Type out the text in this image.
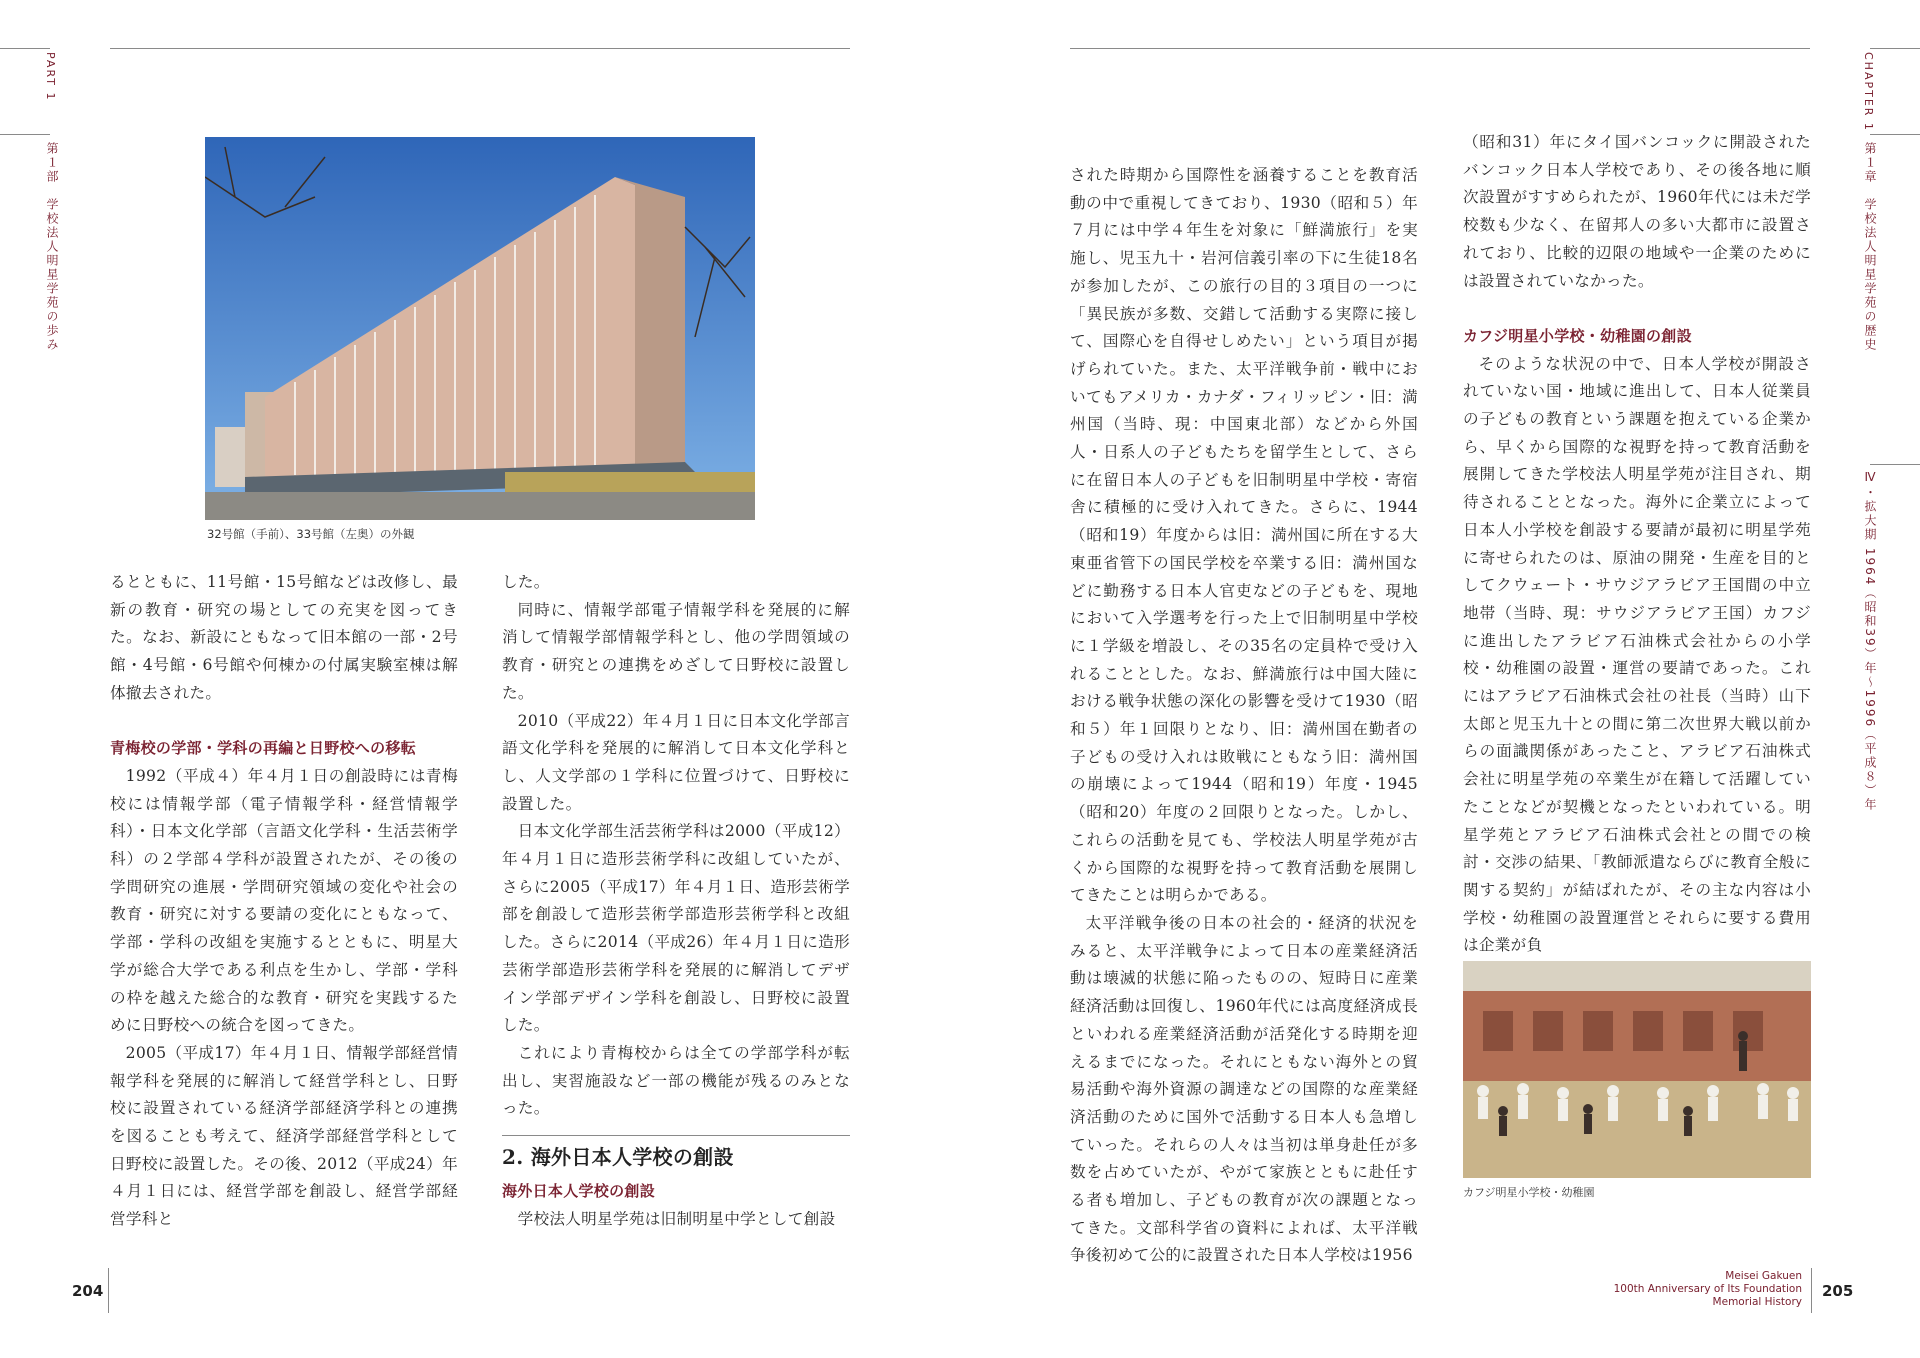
PART 1
第１部　学校法人明星学苑の歩み
32号館（手前）、33号館（左奥）の外観

るとともに、11号館・15号館などは改修し、最新の教育・研究の場としての充実を図ってきた。なお、新設にともなって旧本館の一部・2号館・4号館・6号館や何棟かの付属実験室棟は解体撤去された。

青梅校の学部・学科の再編と日野校への移転

1992（平成４）年４月１日の創設時には青梅校には情報学部（電子情報学科・経営情報学科）・日本文化学部（言語文化学科・生活芸術学科）の２学部４学科が設置されたが、その後の学問研究の進展・学問研究領域の変化や社会の教育・研究に対する要請の変化にともなって、学部・学科の改組を実施するとともに、明星大学が総合大学である利点を生かし、学部・学科の枠を越えた総合的な教育・研究を実践するために日野校への統合を図ってきた。

2005（平成17）年４月１日、情報学部経営情報学科を発展的に解消して経営学科とし、日野校に設置されている経済学部経済学科との連携を図ることも考えて、経済学部経営学科として日野校に設置した。その後、2012（平成24）年４月１日には、経営学部を創設し、経営学部経営学科と

した。

同時に、情報学部電子情報学科を発展的に解消して情報学部情報学科とし、他の学問領域の教育・研究との連携をめざして日野校に設置した。

2010（平成22）年４月１日に日本文化学部言語文化学科を発展的に解消して日本文化学科とし、人文学部の１学科に位置づけて、日野校に設置した。

日本文化学部生活芸術学科は2000（平成12）年４月１日に造形芸術学科に改組していたが、さらに2005（平成17）年４月１日、造形芸術学部を創設して造形芸術学部造形芸術学科と改組した。さらに2014（平成26）年４月１日に造形芸術学部造形芸術学科を発展的に解消してデザイン学部デザイン学科を創設し、日野校に設置した。

これにより青梅校からは全ての学部学科が転出し、実習施設など一部の機能が残るのみとなった。

2. 海外日本人学校の創設
海外日本人学校の創設

学校法人明星学苑は旧制明星中学として創設

204
CHAPTER 1
第１章　学校法人明星学苑の歴史
Ⅳ・拡大期 1964（昭和39）年～1996（平成８）年

された時期から国際性を涵養することを教育活動の中で重視してきており、1930（昭和５）年７月には中学４年生を対象に「鮮満旅行」を実施し、児玉九十・岩河信義引率の下に生徒18名が参加したが、この旅行の目的３項目の一つに「異民族が多数、交錯して活動する実際に接して、国際心を自得せしめたい」という項目が掲げられていた。また、太平洋戦争前・戦中においてもアメリカ・カナダ・フィリッピン・旧：満州国（当時、現：中国東北部）などから外国人・日系人の子どもたちを留学生として、さらに在留日本人の子どもを旧制明星中学校・寄宿舎に積極的に受け入れてきた。さらに、1944（昭和19）年度からは旧：満州国に所在する大東亜省管下の国民学校を卒業する旧：満州国などに勤務する日本人官吏などの子どもを、現地において入学選考を行った上で旧制明星中学校に１学級を増設し、その35名の定員枠で受け入れることとした。なお、鮮満旅行は中国大陸における戦争状態の深化の影響を受けて1930（昭和５）年１回限りとなり、旧：満州国在勤者の子どもの受け入れは敗戦にともなう旧：満州国の崩壊によって1944（昭和19）年度・1945（昭和20）年度の２回限りとなった。しかし、これらの活動を見ても、学校法人明星学苑が古くから国際的な視野を持って教育活動を展開してきたことは明らかである。

太平洋戦争後の日本の社会的・経済的状況をみると、太平洋戦争によって日本の産業経済活動は壊滅的状態に陥ったものの、短時日に産業経済活動は回復し、1960年代には高度経済成長といわれる産業経済活動が活発化する時期を迎えるまでになった。それにともない海外との貿易活動や海外資源の調達などの国際的な産業経済活動のために国外で活動する日本人も急増していった。それらの人々は当初は単身赴任が多数を占めていたが、やがて家族とともに赴任する者も増加し、子どもの教育が次の課題となってきた。文部科学省の資料によれば、太平洋戦争後初めて公的に設置された日本人学校は1956

（昭和31）年にタイ国バンコックに開設されたバンコック日本人学校であり、その後各地に順次設置がすすめられたが、1960年代には未だ学校数も少なく、在留邦人の多い大都市に設置されており、比較的辺限の地域や一企業のためには設置されていなかった。

カフジ明星小学校・幼稚園の創設

そのような状況の中で、日本人学校が開設されていない国・地域に進出して、日本人従業員の子どもの教育という課題を抱えている企業から、早くから国際的な視野を持って教育活動を展開してきた学校法人明星学苑が注目され、期待されることとなった。海外に企業立によって日本人小学校を創設する要請が最初に明星学苑に寄せられたのは、原油の開発・生産を目的としてクウェート・サウジアラビア王国間の中立地帯（当時、現：サウジアラビア王国）カフジに進出したアラビア石油株式会社からの小学校・幼稚園の設置・運営の要請であった。これにはアラビア石油株式会社の社長（当時）山下太郎と児玉九十との間に第二次世界大戦以前からの面識関係があったこと、アラビア石油株式会社に明星学苑の卒業生が在籍して活躍していたことなどが契機となったといわれている。明星学苑とアラビア石油株式会社との間での検討・交渉の結果、「教師派遣ならびに教育全般に関する契約」が結ばれたが、その主な内容は小学校・幼稚園の設置運営とそれらに要する費用は企業が負

カフジ明星小学校・幼稚園
Meisei Gakuen
100th Anniversary of Its Foundation
Memorial History
205
